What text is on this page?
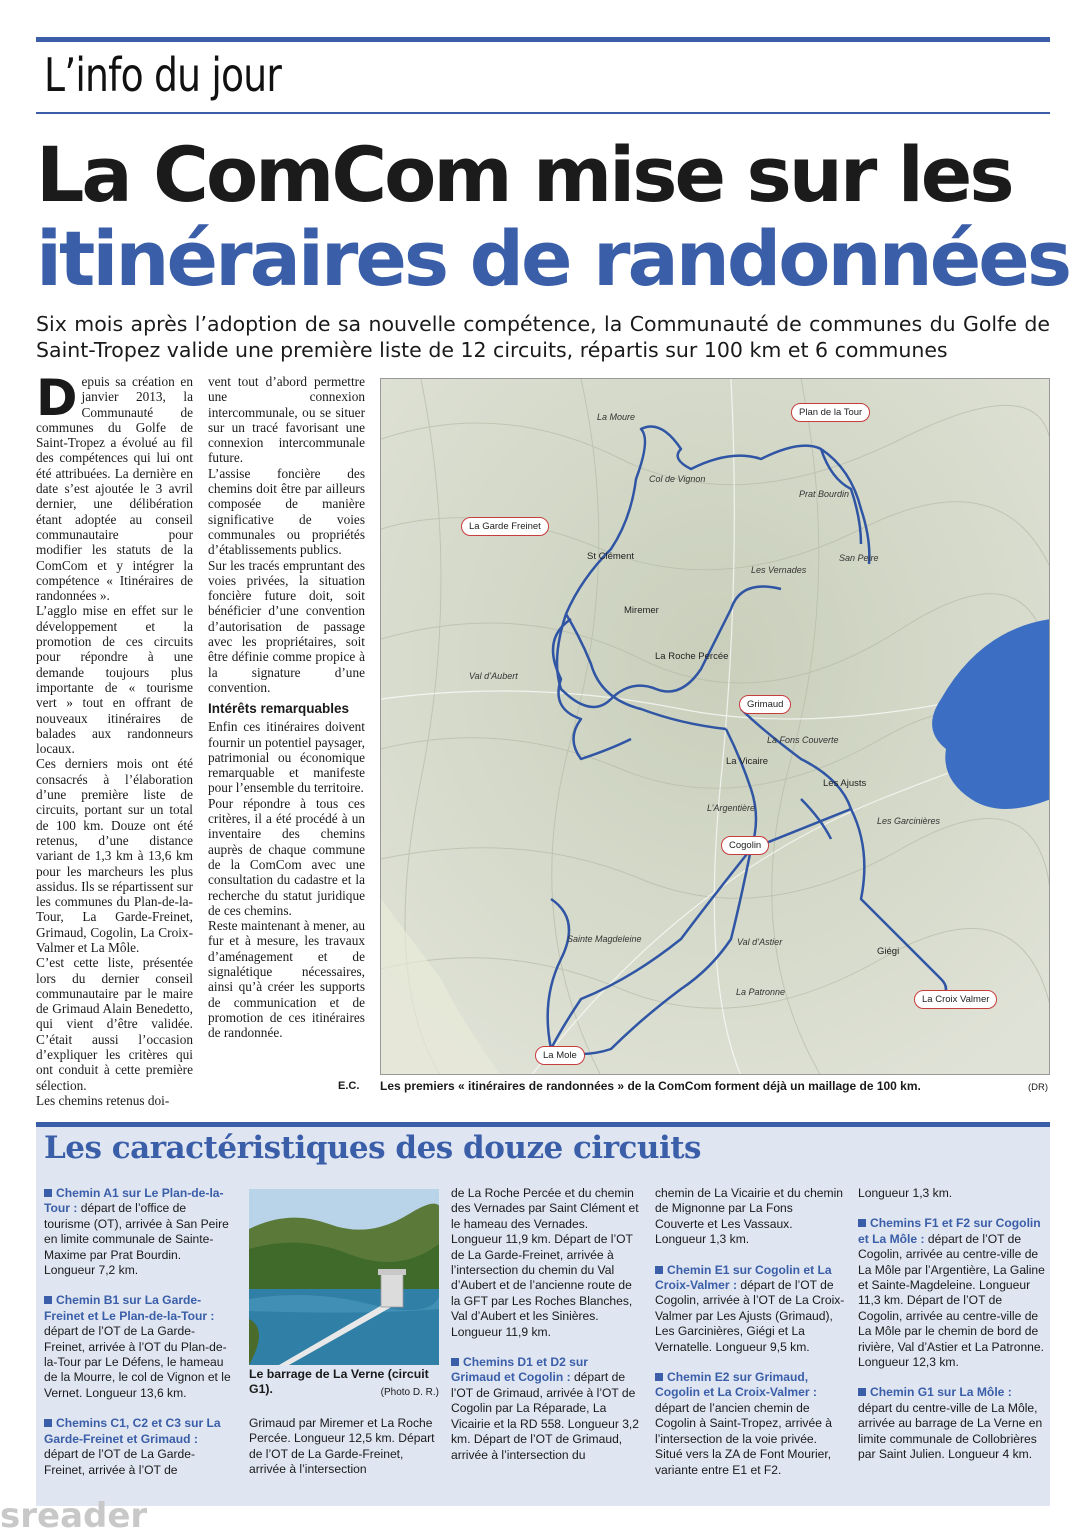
L’info du jour
La ComCom mise sur les
itinéraires de randonnées
Six mois après l’adoption de sa nouvelle compétence, la Communauté de communes du Golfe de Saint-Tropez valide une première liste de 12 circuits, répartis sur 100 km et 6 communes
D epuis sa création en janvier 2013, la Communauté de communes du Golfe de Saint-Tropez a évolué au fil des compétences qui lui ont été attribuées. La dernière en date s’est ajoutée le 3 avril dernier, une délibération étant adoptée au conseil communautaire pour modifier les statuts de la ComCom et y intégrer la compétence « Itinéraires de randonnées ».

L’agglo mise en effet sur le développement et la promotion de ces circuits pour répondre à une demande toujours plus importante de « tourisme vert » tout en offrant de nouveaux itinéraires de balades aux randonneurs locaux.

Ces derniers mois ont été consacrés à l’élaboration d’une première liste de circuits, portant sur un total de 100 km. Douze ont été retenus, d’une distance variant de 1,3 km à 13,6 km pour les marcheurs les plus assidus. Ils se répartissent sur les communes du Plan-de-la-Tour, La Garde-Freinet, Grimaud, Cogolin, La Croix-Valmer et La Môle.

C’est cette liste, présentée lors du dernier conseil communautaire par le maire de Grimaud Alain Benedetto, qui vient d’être validée. C’était aussi l’occasion d’expliquer les critères qui ont conduit à cette première sélection.

Les chemins retenus doi-

vent tout d’abord permettre une connexion intercommunale, ou se situer sur un tracé favorisant une connexion intercommunale future.

L’assise foncière des chemins doit être par ailleurs composée de manière significative de voies communales ou propriétés d’établissements publics.

Sur les tracés empruntant des voies privées, la situation foncière future doit, soit bénéficier d’une convention d’autorisation de passage avec les propriétaires, soit être définie comme propice à la signature d’une convention.

Intérêts remarquables

Enfin ces itinéraires doivent fournir un potentiel paysager, patrimonial ou économique remarquable et manifeste pour l’ensemble du territoire.

Pour répondre à tous ces critères, il a été procédé à un inventaire des chemins auprès de chaque commune de la ComCom avec une consultation du cadastre et la recherche du statut juridique de ces chemins.

Reste maintenant à mener, au fur et à mesure, les travaux d’aménagement et de signalétique nécessaires, ainsi qu’à créer les supports de communication et de promotion de ces itinéraires de randonnée.

E.C.
Plan de la Tour
La Garde Freinet
Grimaud
Cogolin
La Croix Valmer
La Mole
La Moure
Col de Vignon
Prat Bourdin
San Peire
St Clément
Les Vernades
Miremer
La Roche Percée
Val d’Aubert
La Fons Couverte
La Vicaire
Les Ajusts
L’Argentière
Les Garcinières
Sainte Magdeleine	Val d’Astier
Giégi
La Patronne
Les premiers « itinéraires de randonnées » de la ComCom forment déjà un maillage de 100 km.	(DR)
Les caractéristiques des douze circuits

Chemin A1 sur Le Plan-de-la-Tour : départ de l’office de tourisme (OT), arrivée à San Peire en limite communale de Sainte-Maxime par Prat Bourdin. Longueur 7,2 km.

Chemin B1 sur La Garde-Freinet et Le Plan-de-la-Tour : départ de l’OT de La Garde-Freinet, arrivée à l’OT du Plan-de-la-Tour par Le Défens, le hameau de la Mourre, le col de Vignon et le Vernet. Longueur 13,6 km.

Chemins C1, C2 et C3 sur La Garde-Freinet et Grimaud : départ de l’OT de La Garde-Freinet, arrivée à l’OT de

Le barrage de La Verne (circuit G1).	(Photo D. R.)

Grimaud par Miremer et La Roche Percée. Longueur 12,5 km. Départ de l’OT de La Garde-Freinet, arrivée à l’intersection

de La Roche Percée et du chemin des Vernades par Saint Clément et le hameau des Vernades. Longueur 11,9 km. Départ de l’OT de La Garde-Freinet, arrivée à l’intersection du chemin du Val d’Aubert et de l’ancienne route de la GFT par Les Roches Blanches, Val d’Aubert et les Sinières. Longueur 11,9 km.

Chemins D1 et D2 sur Grimaud et Cogolin : départ de l’OT de Grimaud, arrivée à l’OT de Cogolin par La Réparade, La Vicairie et la RD 558. Longueur 3,2 km. Départ de l’OT de Grimaud, arrivée à l’intersection du

chemin de La Vicairie et du chemin de Mignonne par La Fons Couverte et Les Vassaux. Longueur 1,3 km.

Chemin E1 sur Cogolin et La Croix-Valmer : départ de l’OT de Cogolin, arrivée à l’OT de La Croix-Valmer par Les Ajusts (Grimaud), Les Garcinières, Giégi et La Vernatelle. Longueur 9,5 km.

Chemin E2 sur Grimaud, Cogolin et La Croix-Valmer : départ de l’ancien chemin de Cogolin à Saint-Tropez, arrivée à l’intersection de la voie privée. Situé vers la ZA de Font Mourier, variante entre E1 et F2.

Longueur 1,3 km.

Chemins F1 et F2 sur Cogolin et La Môle : départ de l’OT de Cogolin, arrivée au centre-ville de La Môle par l’Argentière, La Galine et Sainte-Magdeleine. Longueur 11,3 km. Départ de l’OT de Cogolin, arrivée au centre-ville de La Môle par le chemin de bord de rivière, Val d’Astier et La Patronne. Longueur 12,3 km.

Chemin G1 sur La Môle : départ du centre-ville de La Môle, arrivée au barrage de La Verne en limite communale de Collobrières par Saint Julien. Longueur 4 km.

sreader
